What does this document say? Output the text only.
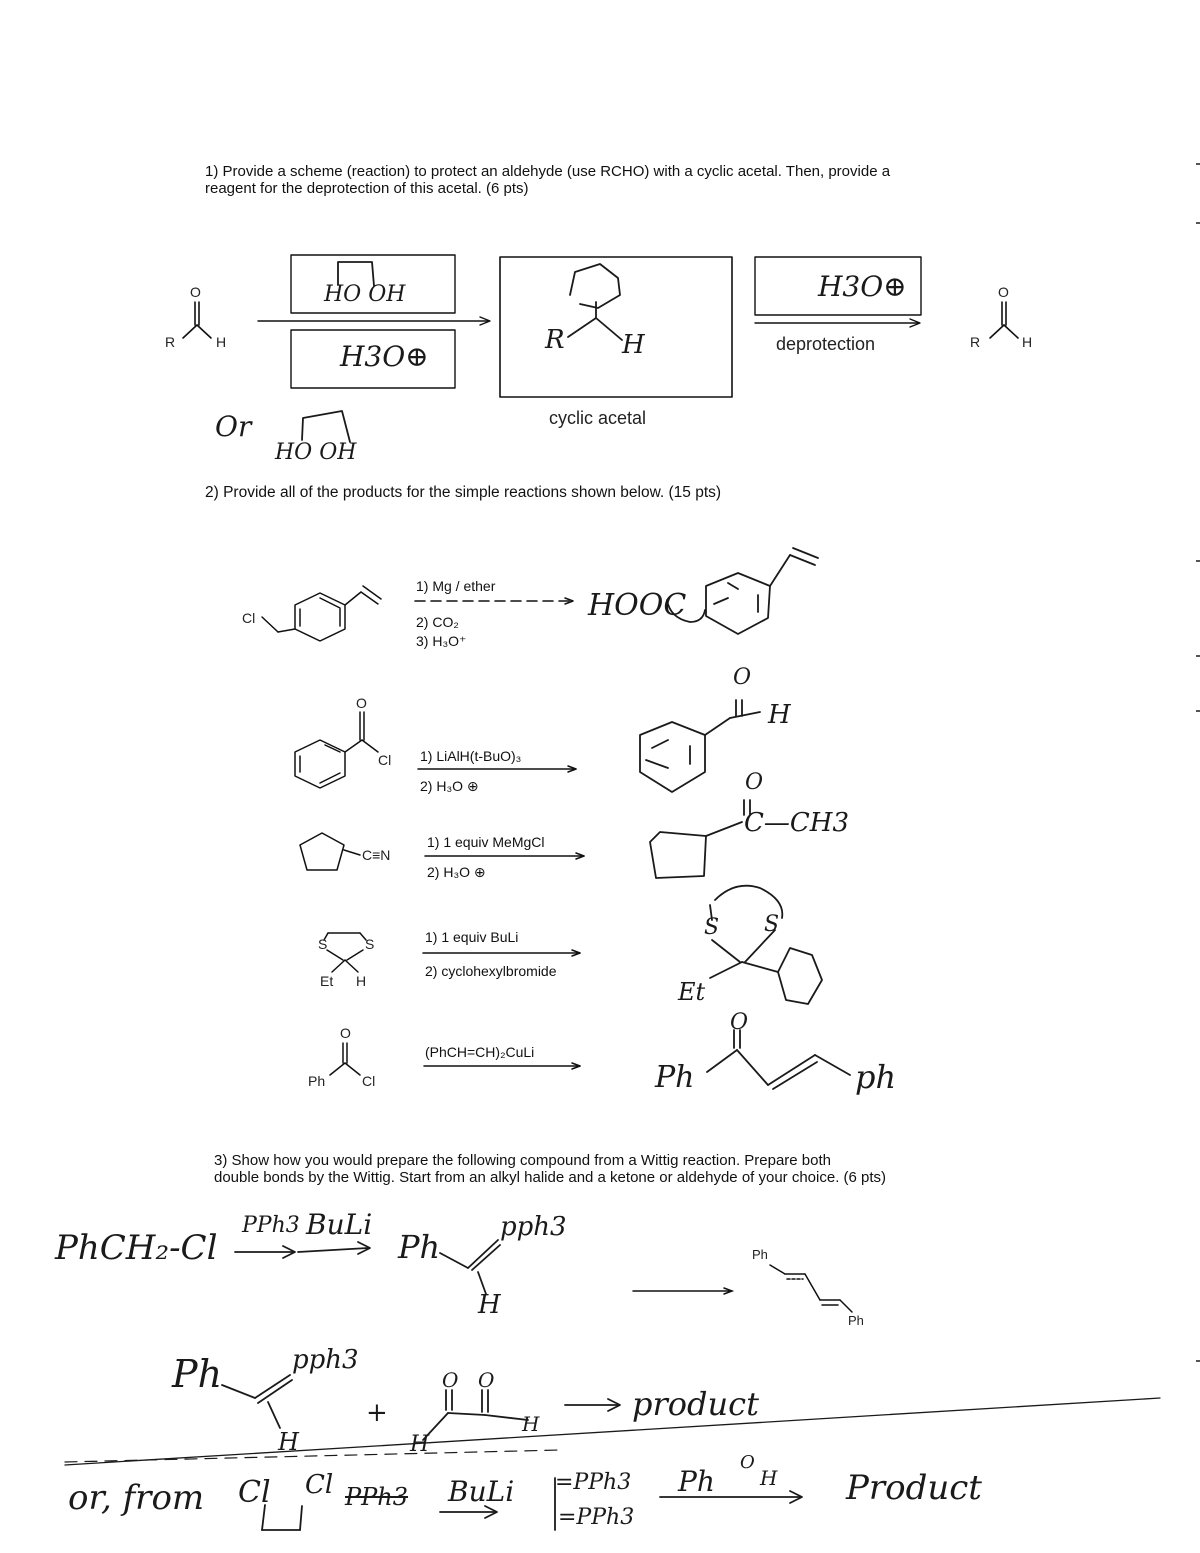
1) Provide a scheme (reaction) to protect an aldehyde (use RCHO) with a cyclic acetal. Then, provide a
reagent for the deprotection of this acetal. (6 pts)
O
R	H
HO OH
H3O⊕	R H
cyclic acetal
H3O⊕
deprotection
O
R	H
Or
HO OH
2) Provide all of the products for the simple reactions shown below. (15 pts)
Cl
1) Mg / ether
2) CO₂
3) H₃O⁺
HOOC
O
Cl 1) LiAlH(t-BuO)₃
2) H₃O ⊕
O
H
C≡N
1) 1 equiv MeMgCl
2) H₃O ⊕
O
C—CH3
S	S
Et H
1) 1 equiv BuLi
2) cyclohexylbromide
S S
Et
O
Ph	Cl
(PhCH=CH)₂CuLi
O
Ph	ph
3) Show how you would prepare the following compound from a Wittig reaction. Prepare both
double bonds by the Wittig. Start from an alkyl halide and a ketone or aldehyde of your choice. (6 pts)
Ph
Ph
PhCH₂-Cl
PPh3 BuLi
Ph
pph3
H
Ph	pph3
H
+
O O
H
H
product
or, from Cl Cl PPh3 BuLi =PPh3
=PPh3
Ph
O
H Product
